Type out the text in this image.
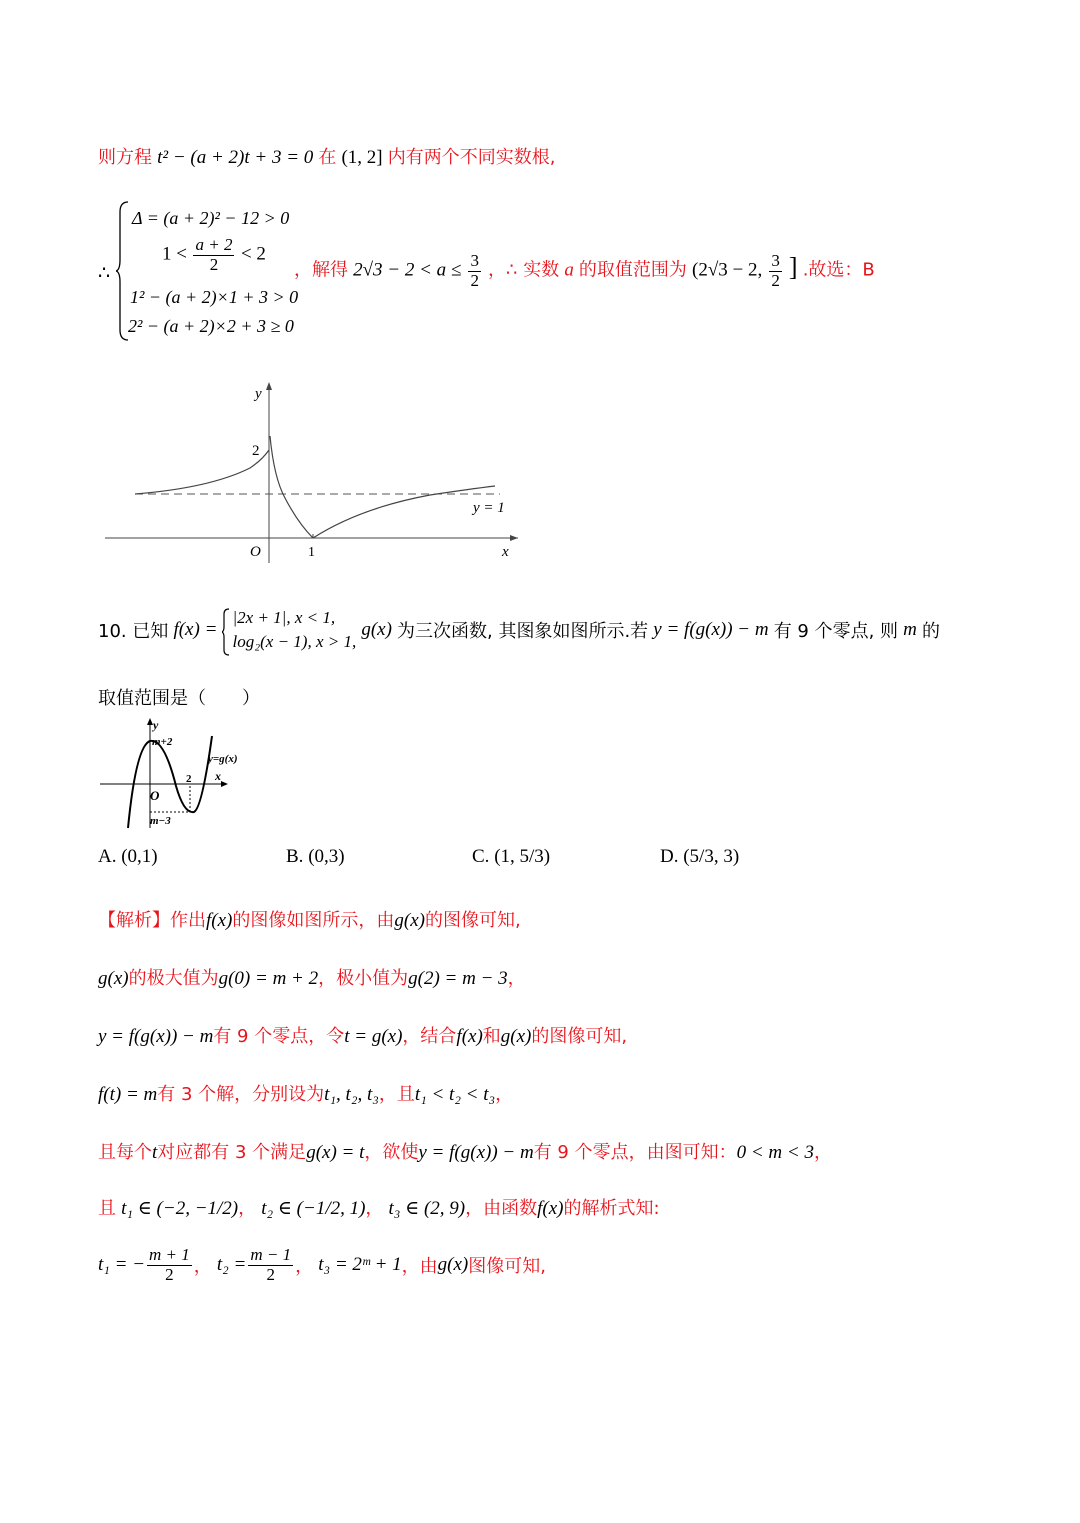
则方程 t² − (a + 2)t + 3 = 0 在 (1, 2] 内有两个不同实数根,
∴
Δ = (a + 2)² − 12 > 0
$1 < \frac{a + 2}{2} < 2$
1² − (a + 2)×1 + 3 > 0
2² − (a + 2)×2 + 3 ≥ 0
，解得 $2√3 - 2 < a \le \frac{3}{2}$ ，∴ 实数 a 的取值范围为 (2√3 − 2, $\frac{3}{2}$ ] .故选：B
y
x
O
2
1
y = 1
10. 已知 f(x) =
|2x + 1|, x < 1,
log₂(x − 1), x > 1,
g(x) 为三次函数, 其图象如图所示.若 y = f(g(x)) − m 有 9 个零点, 则 m 的
取值范围是（　　）
y
x
O
m+2
m−3
2
y=g(x)
A. (0,1)	B. (0,3)	C. (1, 5/3)	D. (5/3, 3)
【解析】作出f(x)的图像如图所示，由g(x)的图像可知,
g(x)的极大值为g(0) = m + 2，极小值为g(2) = m − 3，
y = f(g(x)) − m有 9 个零点，令t = g(x)，结合f(x)和g(x)的图像可知,
f(t) = m有 3 个解，分别设为t₁, t₂, t₃，且t₁ < t₂ < t₃，
且每个t对应都有 3 个满足g(x) = t，欲使y = f(g(x)) − m有 9 个零点，由图可知：0 < m < 3，
且 t₁ ∈ (−2, −1/2)， t₂ ∈ (−1/2, 1)， t₃ ∈ (2, 9)，由函数f(x)的解析式知:
t₁ = − $\frac{m + 1}{2}$ ， $t_2 = \frac{m - 1}{2}$ ， t₃ = 2ᵐ + 1，由g(x)图像可知,
